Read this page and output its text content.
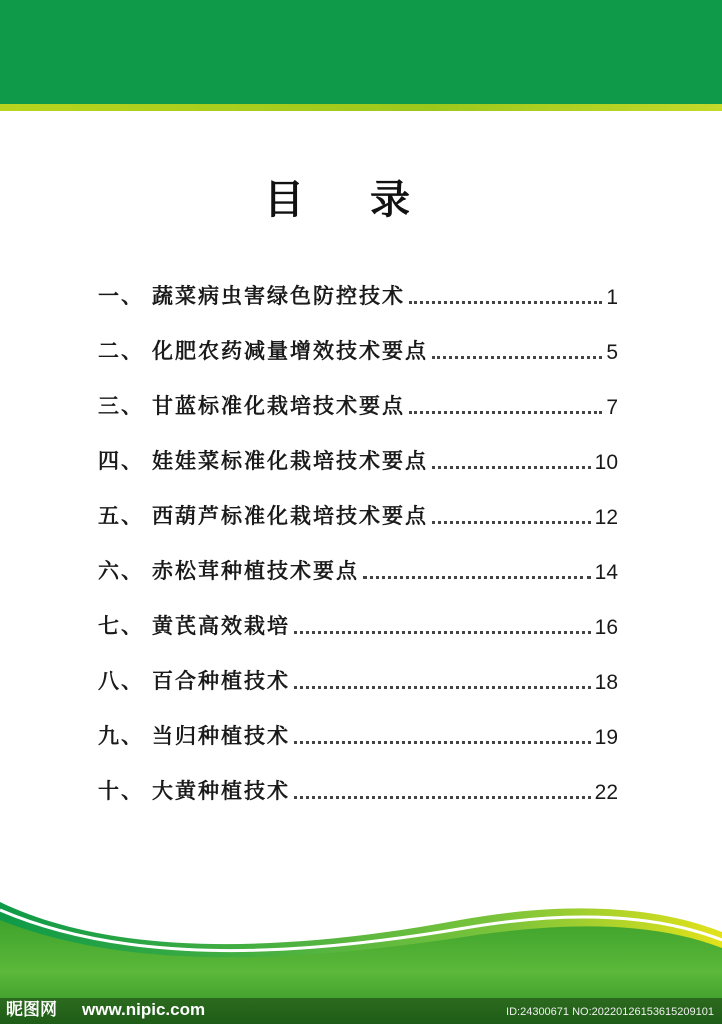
目 录
一、 蔬菜病虫害绿色防控技术	1
二、 化肥农药减量增效技术要点	5
三、 甘蓝标准化栽培技术要点	7
四、 娃娃菜标准化栽培技术要点	10
五、 西葫芦标准化栽培技术要点	12
六、 赤松茸种植技术要点	14
七、 黄芪高效栽培	16
八、 百合种植技术	18
九、 当归种植技术	19
十、 大黄种植技术	22
昵图网 www.nipic.com	ID:24300671 NO:20220126153615209101
